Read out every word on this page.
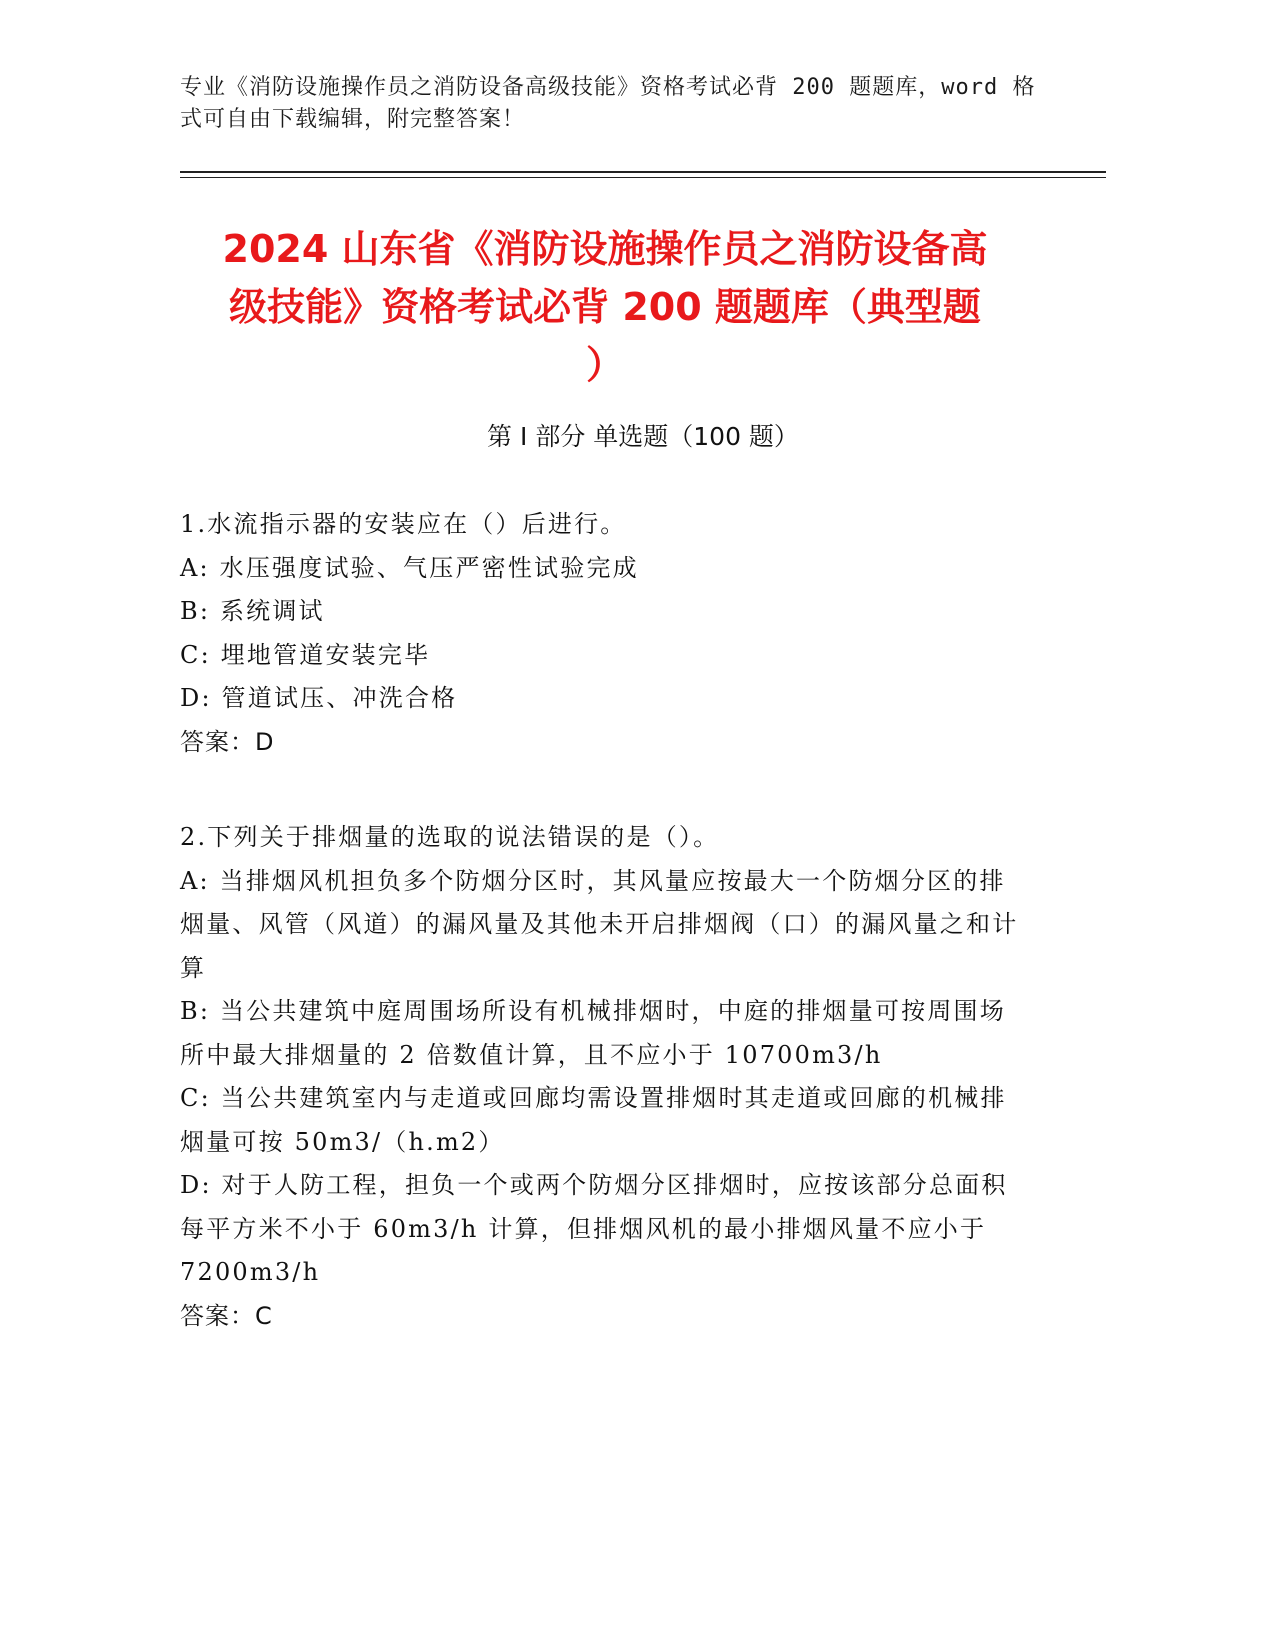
专业《消防设施操作员之消防设备高级技能》资格考试必背 200 题题库，word 格
式可自由下载编辑，附完整答案！
2024 山东省《消防设施操作员之消防设备高
级技能》资格考试必背 200 题题库（典型题
）
第 I 部分 单选题（100 题）
1.水流指示器的安装应在（）后进行。
A: 水压强度试验、气压严密性试验完成
B: 系统调试
C: 埋地管道安装完毕
D: 管道试压、冲洗合格
答案：D
2.下列关于排烟量的选取的说法错误的是（）。
A: 当排烟风机担负多个防烟分区时，其风量应按最大一个防烟分区的排烟量、风管（风道）的漏风量及其他未开启排烟阀（口）的漏风量之和计算
B: 当公共建筑中庭周围场所设有机械排烟时，中庭的排烟量可按周围场所中最大排烟量的 2 倍数值计算，且不应小于 10700m3/h
C: 当公共建筑室内与走道或回廊均需设置排烟时其走道或回廊的机械排烟量可按 50m3/（h.m2）
D: 对于人防工程，担负一个或两个防烟分区排烟时，应按该部分总面积每平方米不小于 60m3/h 计算，但排烟风机的最小排烟风量不应小于 7200m3/h
答案：C
